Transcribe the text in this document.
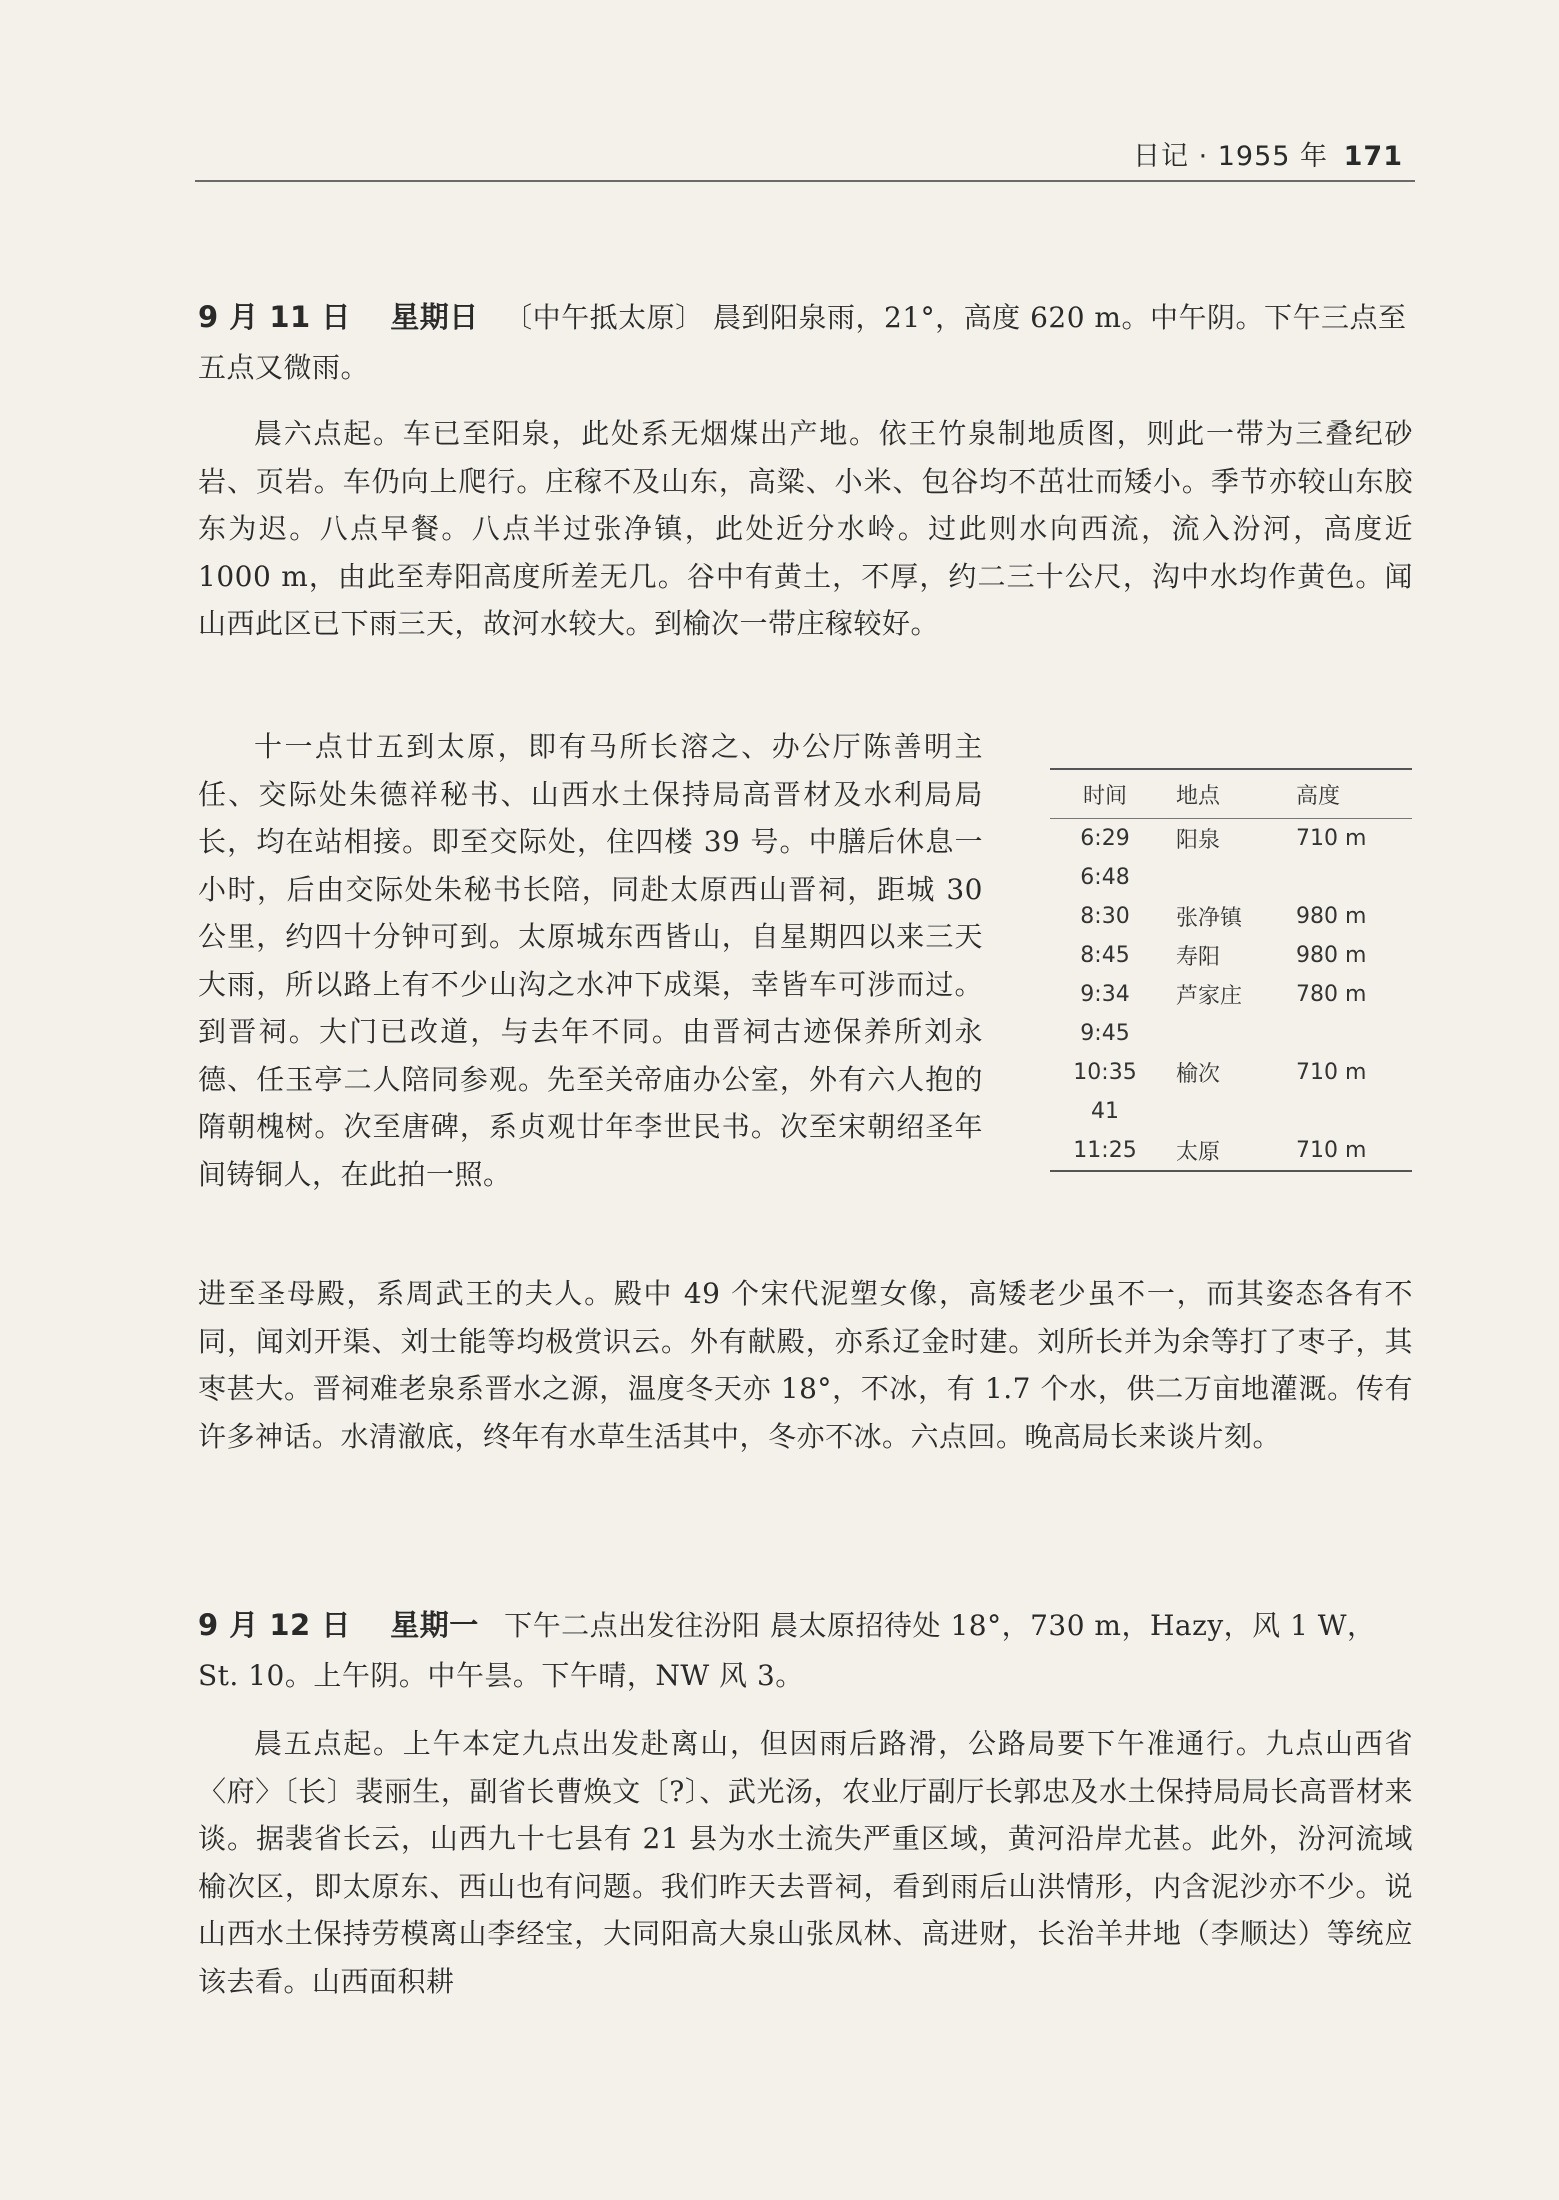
日记 · 1955 年 171
9 月 11 日 星期日 〔中午抵太原〕 晨到阳泉雨，21°，高度 620 m。中午阴。下午三点至五点又微雨。

晨六点起。车已至阳泉，此处系无烟煤出产地。依王竹泉制地质图，则此一带为三叠纪砂岩、页岩。车仍向上爬行。庄稼不及山东，高粱、小米、包谷均不茁壮而矮小。季节亦较山东胶东为迟。八点早餐。八点半过张净镇，此处近分水岭。过此则水向西流，流入汾河，高度近 1000 m，由此至寿阳高度所差无几。谷中有黄土，不厚，约二三十公尺，沟中水均作黄色。闻山西此区已下雨三天，故河水较大。到榆次一带庄稼较好。

十一点廿五到太原，即有马所长溶之、办公厅陈善明主任、交际处朱德祥秘书、山西水土保持局高晋材及水利局局长，均在站相接。即至交际处，住四楼 39 号。中膳后休息一小时，后由交际处朱秘书长陪，同赴太原西山晋祠，距城 30 公里，约四十分钟可到。太原城东西皆山，自星期四以来三天大雨，所以路上有不少山沟之水冲下成渠，幸皆车可涉而过。到晋祠。大门已改道，与去年不同。由晋祠古迹保养所刘永德、任玉亭二人陪同参观。先至关帝庙办公室，外有六人抱的隋朝槐树。次至唐碑，系贞观廿年李世民书。次至宋朝绍圣年间铸铜人，在此拍一照。

时间	地点	高度
6:29	阳泉	710 m
6:48		
8:30	张净镇	980 m
8:45	寿阳	980 m
9:34	芦家庄	780 m
9:45		
10:35	榆次	710 m
41		
11:25	太原	710 m

进至圣母殿，系周武王的夫人。殿中 49 个宋代泥塑女像，高矮老少虽不一，而其姿态各有不同，闻刘开渠、刘士能等均极赏识云。外有献殿，亦系辽金时建。刘所长并为余等打了枣子，其枣甚大。晋祠难老泉系晋水之源，温度冬天亦 18°，不冰，有 1.7 个水，供二万亩地灌溉。传有许多神话。水清澈底，终年有水草生活其中，冬亦不冰。六点回。晚高局长来谈片刻。

9 月 12 日 星期一 下午二点出发往汾阳 晨太原招待处 18°，730 m，Hazy，风 1 W，St. 10。上午阴。中午昙。下午晴，NW 风 3。

晨五点起。上午本定九点出发赴离山，但因雨后路滑，公路局要下午准通行。九点山西省〈府〉〔长〕裴丽生，副省长曹焕文〔?〕、武光汤，农业厅副厅长郭忠及水土保持局局长高晋材来谈。据裴省长云，山西九十七县有 21 县为水土流失严重区域，黄河沿岸尤甚。此外，汾河流域榆次区，即太原东、西山也有问题。我们昨天去晋祠，看到雨后山洪情形，内含泥沙亦不少。说山西水土保持劳模离山李经宝，大同阳高大泉山张凤林、高进财，长治羊井地（李顺达）等统应该去看。山西面积耕
